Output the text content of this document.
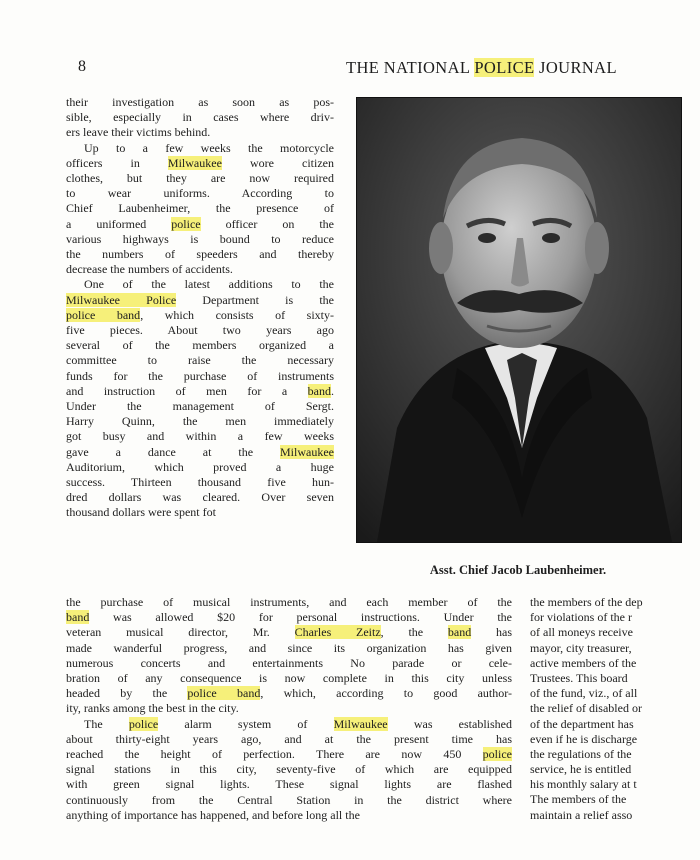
8	THE NATIONAL POLICE JOURNAL
their investigation as soon as pos-
sible, especially in cases where driv-
ers leave their victims behind.
Up to a few weeks the motorcycle
officers in Milwaukee wore citizen
clothes, but they are now required
to wear uniforms. According to
Chief Laubenheimer, the presence of
a uniformed police officer on the
various highways is bound to reduce
the numbers of speeders and thereby
decrease the numbers of accidents.
One of the latest additions to the
Milwaukee Police Department is the
police band, which consists of sixty-
five pieces. About two years ago
several of the members organized a
committee to raise the necessary
funds for the purchase of instruments
and instruction of men for a band.
Under the management of Sergt.
Harry Quinn, the men immediately
got busy and within a few weeks
gave a dance at the Milwaukee
Auditorium, which proved a huge
success. Thirteen thousand five hun-
dred dollars was cleared. Over seven
thousand dollars were spent fot
Asst. Chief Jacob Laubenheimer.
the purchase of musical instruments, and each member of the
band was allowed $20 for personal instructions. Under the
veteran musical director, Mr. Charles Zeitz, the band has
made wanderful progress, and since its organization has given
numerous concerts and entertainments No parade or cele-
bration of any consequence is now complete in this city unless
headed by the police band, which, according to good author-
ity, ranks among the best in the city.
The police alarm system of Milwaukee was established
about thirty-eight years ago, and at the present time has
reached the height of perfection. There are now 450 police
signal stations in this city, seventy-five of which are equipped
with green signal lights. These signal lights are flashed
continuously from the Central Station in the district where
anything of importance has happened, and before long all the
the members of the dep
for violations of the r
of all moneys receive
mayor, city treasurer,
active members of the
Trustees. This board
of the fund, viz., of all
the relief of disabled or
of the department has
even if he is discharge
the regulations of the
service, he is entitled
his monthly salary at t
The members of the
maintain a relief asso
